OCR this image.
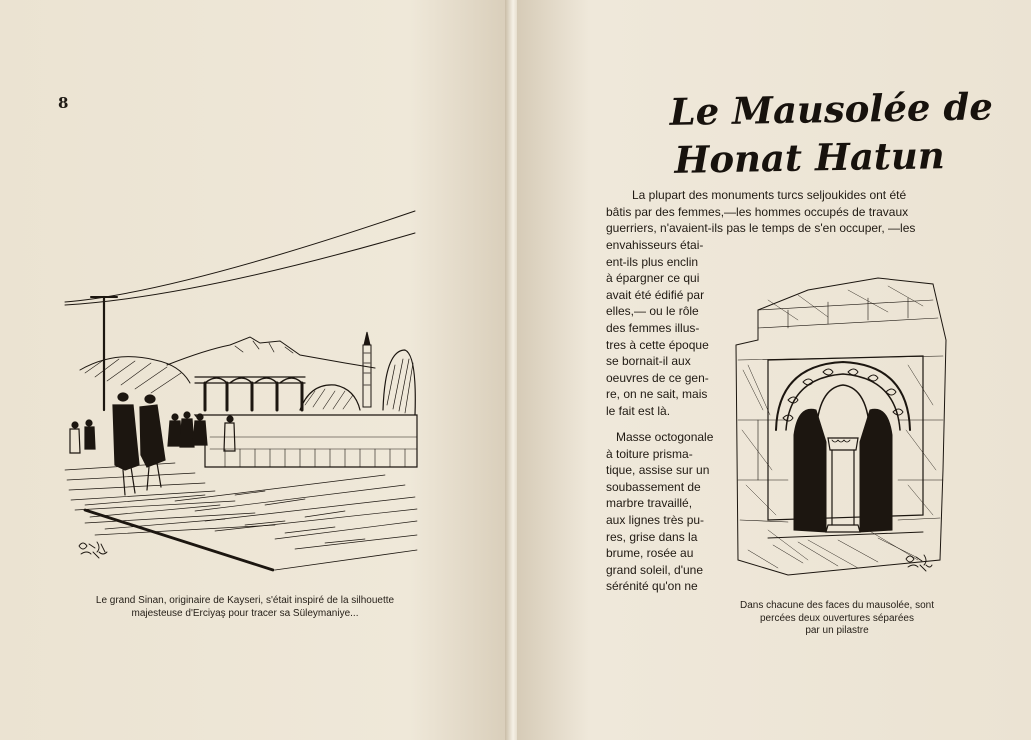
8
Le grand Sinan, originaire de Kayseri, s'était inspiré de la silhouette
majesteuse d'Erciyaş pour tracer sa Süleymaniye...
Le Mausolée de
Honat Hatun
La plupart des monuments turcs seljoukides ont été
bâtis par des femmes,—les hommes occupés de travaux
guerriers, n'avaient-ils pas le temps de s'en occuper, —les
envahisseurs étai-
ent-ils plus enclin
à épargner ce qui
avait été édifié par
elles,— ou le rôle
des femmes illus-
tres à cette époque
se bornait-il aux
oeuvres de ce gen-
re, on ne sait, mais
le fait est là.
Masse octogonale
à toiture prisma-
tique, assise sur un
soubassement de
marbre travaillé,
aux lignes très pu-
res, grise dans la
brume, rosée au
grand soleil, d'une
sérénité qu'on ne
Dans chacune des faces du mausolée, sont
percées deux ouvertures séparées
par un pilastre
